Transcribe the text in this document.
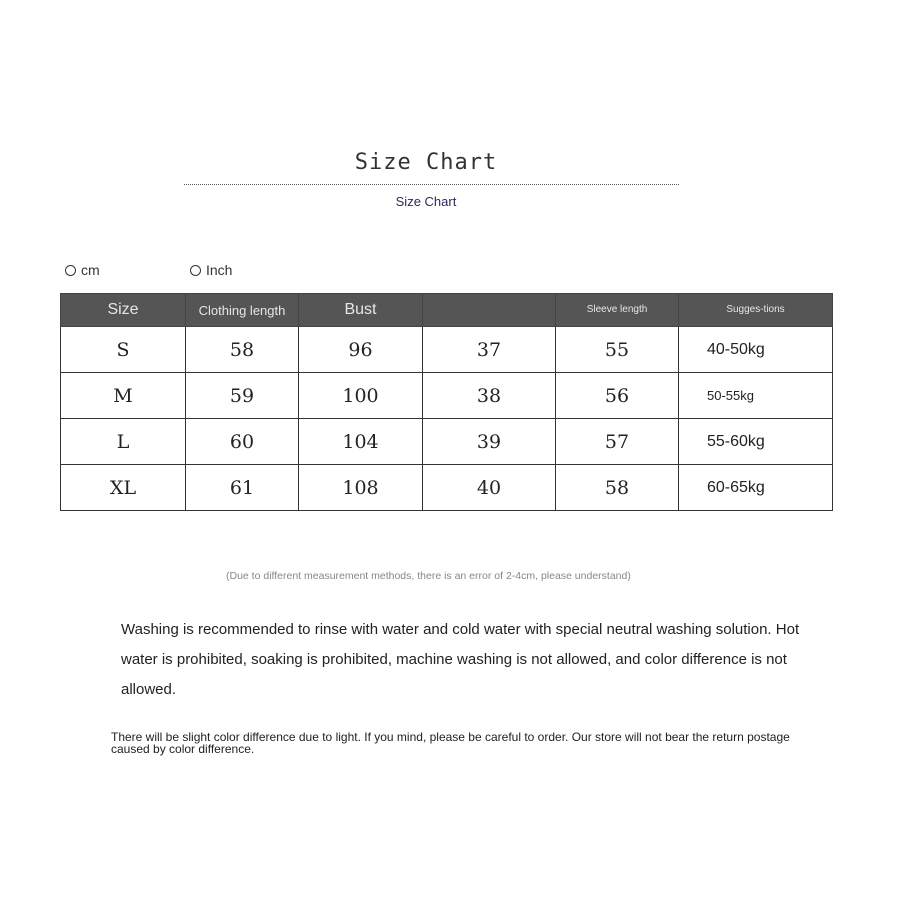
Size Chart
Size Chart
cm	Inch
Size	Clothing length	Bust		Sleeve length	Sugges-tions
S	58	96	37	55	40-50kg
M	59	100	38	56	50-55kg
L	60	104	39	57	55-60kg
XL	61	108	40	58	60-65kg
(Due to different measurement methods, there is an error of 2-4cm, please understand)
Washing is recommended to rinse with water and cold water with special neutral washing solution. Hot water is prohibited, soaking is prohibited, machine washing is not allowed, and color difference is not allowed.
There will be slight color difference due to light. If you mind, please be careful to order. Our store will not bear the return postage caused by color difference.
